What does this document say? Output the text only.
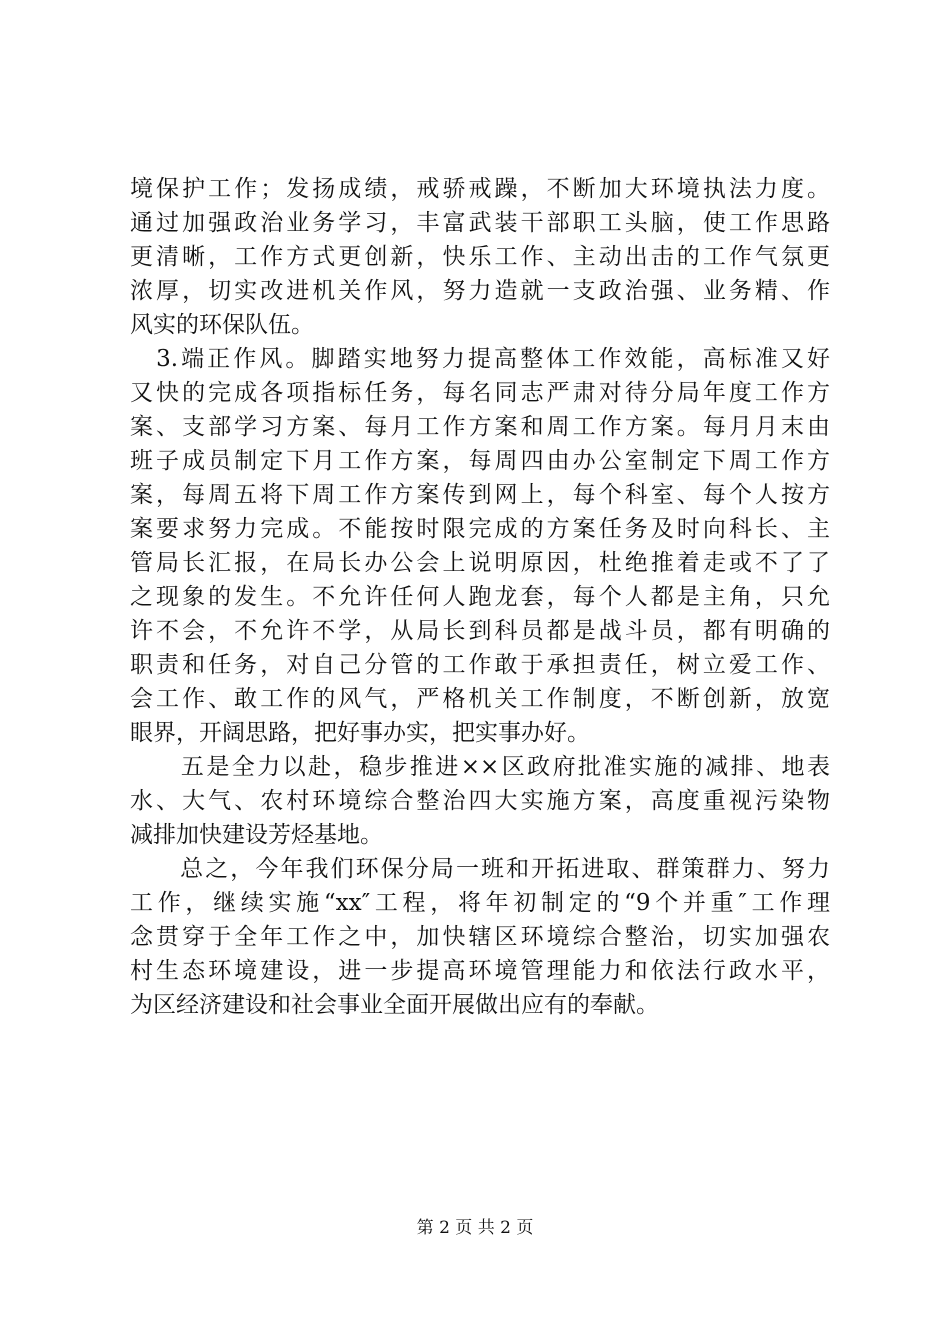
境保护工作；发扬成绩，戒骄戒躁，不断加大环境执法力度。
通过加强政治业务学习，丰富武装干部职工头脑，使工作思路
更清晰，工作方式更创新，快乐工作、主动出击的工作气氛更
浓厚，切实改进机关作风，努力造就一支政治强、业务精、作
风实的环保队伍。
　3.端正作风。脚踏实地努力提高整体工作效能，高标准又好
又快的完成各项指标任务，每名同志严肃对待分局年度工作方
案、支部学习方案、每月工作方案和周工作方案。每月月末由
班子成员制定下月工作方案，每周四由办公室制定下周工作方
案，每周五将下周工作方案传到网上，每个科室、每个人按方
案要求努力完成。不能按时限完成的方案任务及时向科长、主
管局长汇报，在局长办公会上说明原因，杜绝推着走或不了了
之现象的发生。不允许任何人跑龙套，每个人都是主角，只允
许不会，不允许不学，从局长到科员都是战斗员，都有明确的
职责和任务，对自己分管的工作敢于承担责任，树立爱工作、
会工作、敢工作的风气，严格机关工作制度，不断创新，放宽
眼界，开阔思路，把好事办实，把实事办好。
　　五是全力以赴，稳步推进××区政府批准实施的减排、地表
水、大气、农村环境综合整治四大实施方案，高度重视污染物
减排加快建设芳烃基地。
　　总之，今年我们环保分局一班和开拓进取、群策群力、努力
工作，继续实施“xx″工程，将年初制定的“9个并重″工作理
念贯穿于全年工作之中，加快辖区环境综合整治，切实加强农
村生态环境建设，进一步提高环境管理能力和依法行政水平，
为区经济建设和社会事业全面开展做出应有的奉献。
第 2 页 共 2 页
